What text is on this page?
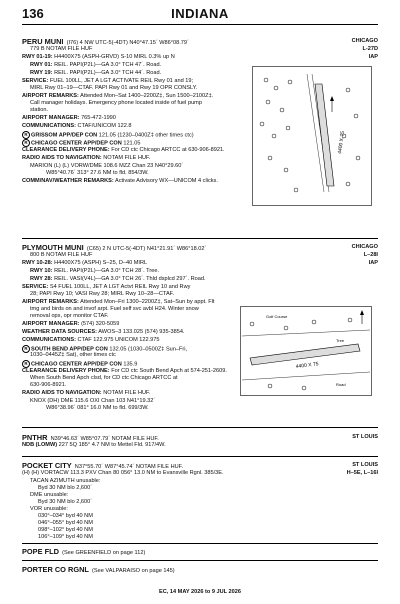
136	INDIANA
PERU MUNI (I76) 4 NW UTC-5(-4DT) N40°47.15´ W86°08.79´	CHICAGO
779 B NOTAM FILE HUF	L-27D
IAP
RWY 01-19: H4400X75 (ASPH-GRVD) S-10 MIRL 0.3% up N
RWY 01: REIL. PAPI(P2L)—GA 3.0° TCH 47´. Road.
RWY 19: REIL. PAPI(P2L)—GA 3.0° TCH 44´. Road.
SERVICE: FUEL 100LL, JET A LGT ACTIVATE REIL Rwy 01 and 19;
MIRL Rwy 01–19—CTAF. PAPI Rwy 01 and Rwy 19 OPR CONSLY.
AIRPORT REMARKS: Attended Mon–Sat 1400–2200Z‡, Sun 1500–2100Z‡.
Call manager holidays. Emergency phone located inside of fuel pump
station.
AIRPORT MANAGER: 765-472-1990
COMMUNICATIONS: CTAF/UNICOM 122.8
R GRISSOM APP/DEP CON 121.05 (1230–0400Z‡ other times ctc)
R CHICAGO CENTER APP/DEP CON 121.05
CLEARANCE DELIVERY PHONE: For CD ctc Chicago ARTCC at 630-906-8921.
RADIO AIDS TO NAVIGATION: NOTAM FILE HUF.
MARION (L) (L) VORW/DME 108.6 MZZ Chan 23 N40°29.60´
W85°40.76´ 313° 27.6 NM to fld. 854/3W.
COMM/NAV/WEATHER REMARKS: Activate Advisory WX—UNICOM 4 clicks.
4400 X 75
PLYMOUTH MUNI (C65) 2 N UTC-5(-4DT) N41°21.91´ W86°18.02´	CHICAGO
800 B NOTAM FILE HUF	L–28I
IAP
RWY 10-28: H4400X75 (ASPH) S–25, D–40 MIRL
RWY 10: REIL. PAPI(P2L)—GA 3.0° TCH 28´. Tree.
RWY 28: REIL. VASI(V4L)—GA 3.0° TCH 26´. Thld dsplcd 297´. Road.
SERVICE: S4 FUEL 100LL, JET A LGT Actvt REIL Rwy 10 and Rwy
28; PAPI Rwy 10; VASI Rwy 28; MIRL Rwy 10–28—CTAF.
AIRPORT REMARKS: Attended Mon–Fri 1300–2200Z‡, Sat–Sun by appt. Flt
tmg and birds on and invof arpt. Fuel self svc avbl H24. Winter snow
removal ops, opr monitor CTAF.
AIRPORT MANAGER: (574) 320-5059
WEATHER DATA SOURCES: AWOS–3 133.025 (574) 935-3854.
COMMUNICATIONS: CTAF 122.975 UNICOM 122.975
R SOUTH BEND APP/DEP CON 132.05 (1030–0500Z‡ Sun–Fri,
1030–0445Z‡ Sat), other times ctc
R CHICAGO CENTER APP/DEP CON 135.9
CLEARANCE DELIVERY PHONE: For CD ctc South Bend Apch at 574-251-2609.
When South Bend Apch clsd, for CD ctc Chicago ARTCC at
630-906-8921.
RADIO AIDS TO NAVIGATION: NOTAM FILE HUF.
KNOX (DH) DME 115.6 OXI Chan 103 N41°19.32´
W86°38.96´ 081° 16.0 NM to fld. 699/3W.
4400 X 75
Golf Course
Tree
Road
PNTHR N39°46.63´ W85°07.79´ NOTAM FILE HUF.	ST LOUIS
NDB (LOMW) 227 5Q 185° 4.7 NM to Mettel Fld. 917/4W.
POCKET CITY N37°55.70´ W87°45.74´ NOTAM FILE HUF.	ST LOUIS
H–5E, L–16I
(H) (H) VORTACW 113.3 PXV Chan 80 056° 13.0 NM to Evansville Rgnl. 385/3E.
TACAN AZIMUTH unusable:
Byd 30 NM blo 2,600´
DME unusable:
Byd 30 NM blo 2,600´
VOR unusable:
030°–034° byd 40 NM
046°–055° byd 40 NM
098°–102° byd 40 NM
106°–109° byd 40 NM
POPE FLD (See GREENFIELD on page 112)
PORTER CO RGNL (See VALPARAISO on page 145)
EC, 14 MAY 2026 to 9 JUL 2026
